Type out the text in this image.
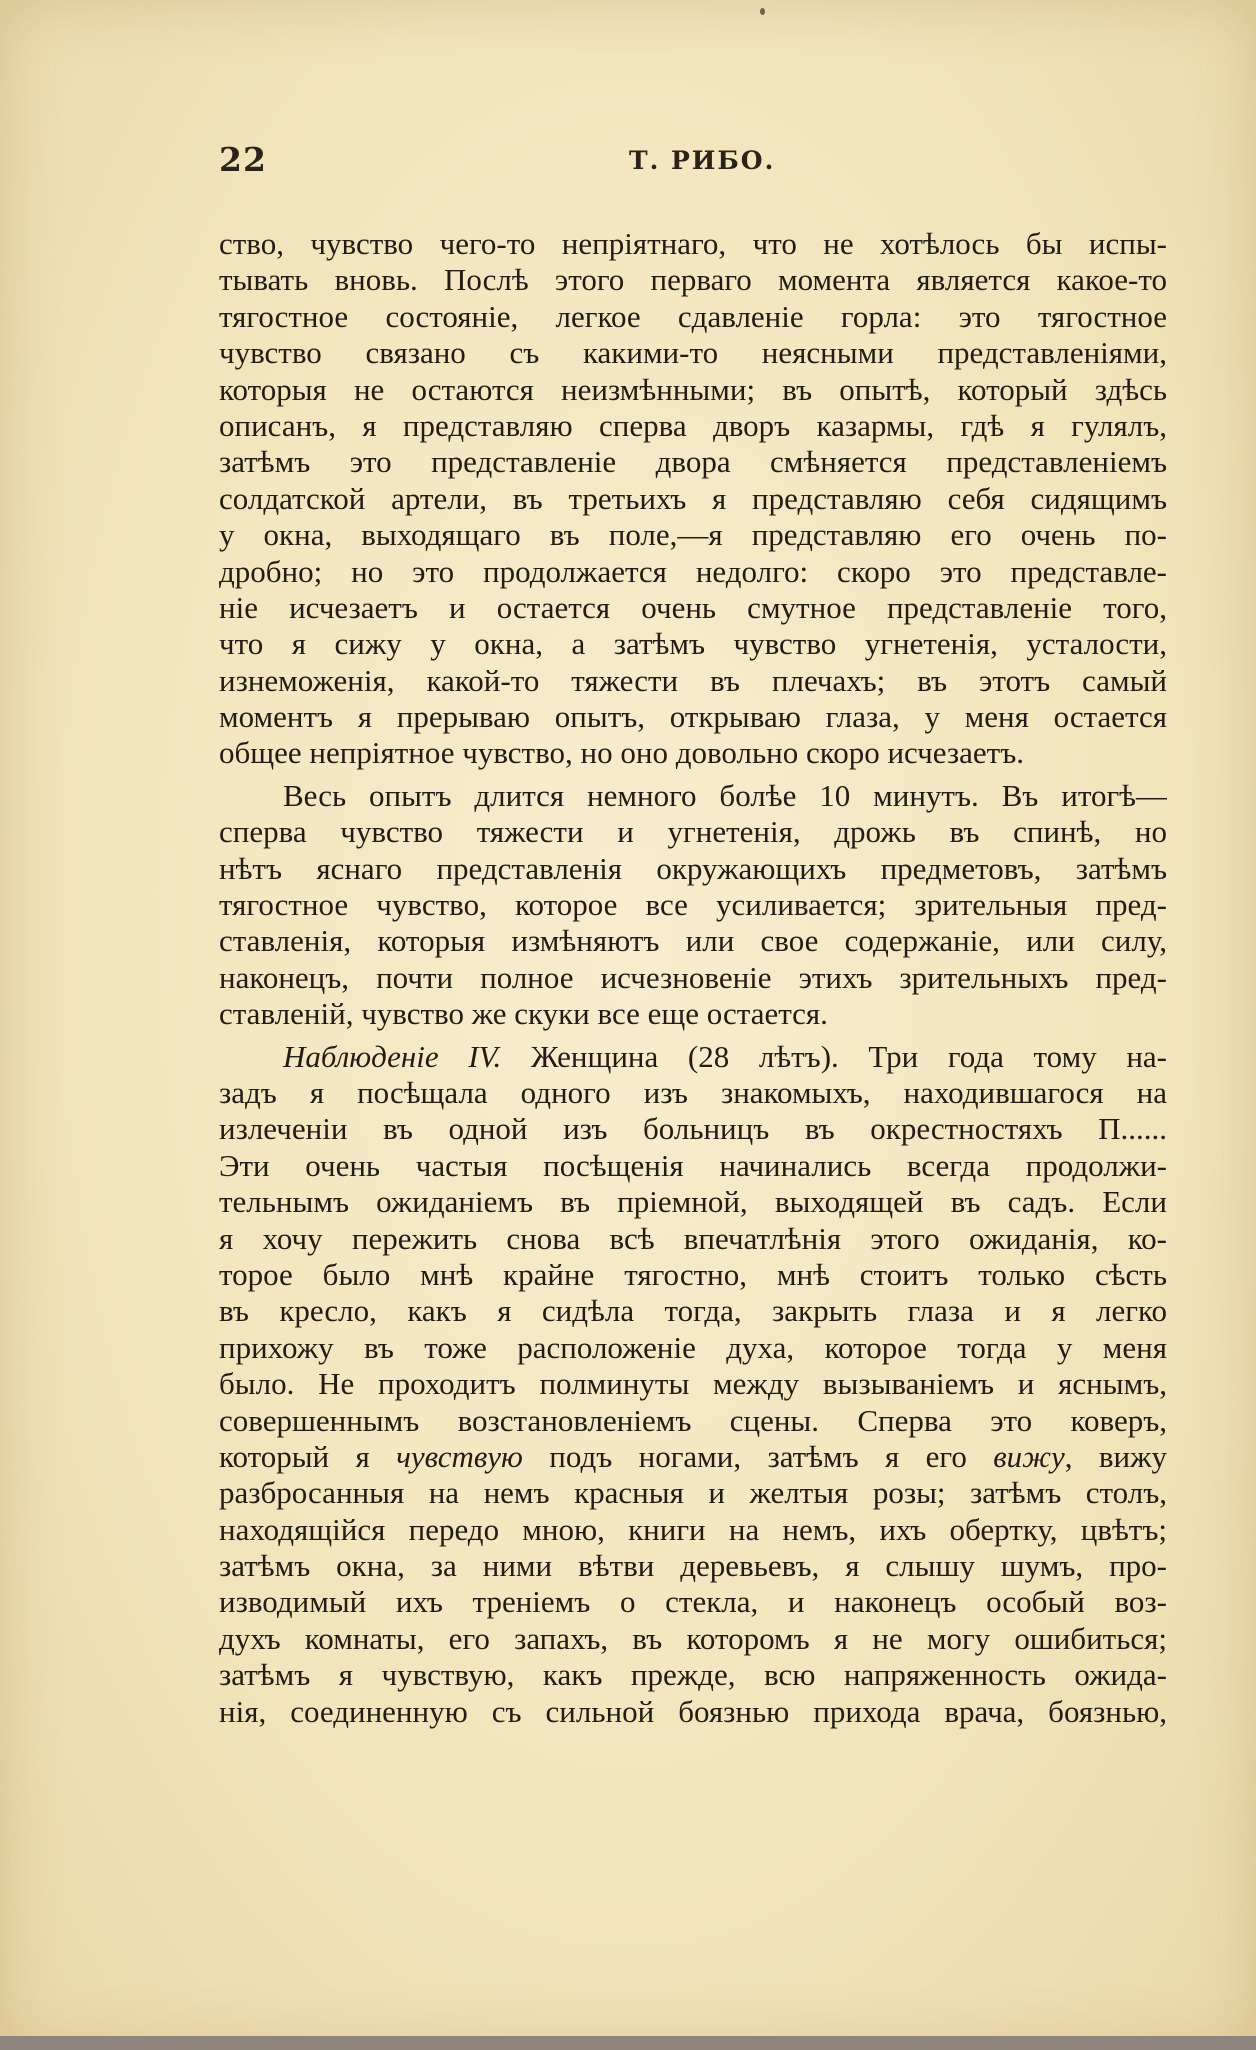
22	Т. РИБО.
ство, чувство чего-то непріятнаго, что не хотѣлось бы испы-
тывать вновь. Послѣ этого перваго момента является какое-то
тягостное состояніе, легкое сдавленіе горла: это тягостное
чувство связано съ какими-то неясными представленіями,
которыя не остаются неизмѣнными; въ опытѣ, который здѣсь
описанъ, я представляю сперва дворъ казармы, гдѣ я гулялъ,
затѣмъ это представленіе двора смѣняется представленіемъ
солдатской артели, въ третьихъ я представляю себя сидящимъ
у окна, выходящаго въ поле,—я представляю его очень по-
дробно; но это продолжается недолго: скоро это представле-
ніе исчезаетъ и остается очень смутное представленіе того,
что я сижу у окна, а затѣмъ чувство угнетенія, усталости,
изнеможенія, какой-то тяжести въ плечахъ; въ этотъ самый
моментъ я прерываю опытъ, открываю глаза, у меня остается
общее непріятное чувство, но оно довольно скоро исчезаетъ.
Весь опытъ длится немного болѣе 10 минутъ. Въ итогѣ—
сперва чувство тяжести и угнетенія, дрожь въ спинѣ, но
нѣтъ яснаго представленія окружающихъ предметовъ, затѣмъ
тягостное чувство, которое все усиливается; зрительныя пред-
ставленія, которыя измѣняютъ или свое содержаніе, или силу,
наконецъ, почти полное исчезновеніе этихъ зрительныхъ пред-
ставленій, чувство же скуки все еще остается.
Наблюденіе IV. Женщина (28 лѣтъ). Три года тому на-
задъ я посѣщала одного изъ знакомыхъ, находившагося на
излеченіи въ одной изъ больницъ въ окрестностяхъ П......
Эти очень частыя посѣщенія начинались всегда продолжи-
тельнымъ ожиданіемъ въ пріемной, выходящей въ садъ. Если
я хочу пережить снова всѣ впечатлѣнія этого ожиданія, ко-
торое было мнѣ крайне тягостно, мнѣ стоитъ только сѣсть
въ кресло, какъ я сидѣла тогда, закрыть глаза и я легко
прихожу въ тоже расположеніе духа, которое тогда у меня
было. Не проходитъ полминуты между вызываніемъ и яснымъ,
совершеннымъ возстановленіемъ сцены. Сперва это коверъ,
который я чувствую подъ ногами, затѣмъ я его вижу, вижу
разбросанныя на немъ красныя и желтыя розы; затѣмъ столъ,
находящійся передо мною, книги на немъ, ихъ обертку, цвѣтъ;
затѣмъ окна, за ними вѣтви деревьевъ, я слышу шумъ, про-
изводимый ихъ треніемъ о стекла, и наконецъ особый воз-
духъ комнаты, его запахъ, въ которомъ я не могу ошибиться;
затѣмъ я чувствую, какъ прежде, всю напряженность ожида-
нія, соединенную съ сильной боязнью прихода врача, боязнью,
